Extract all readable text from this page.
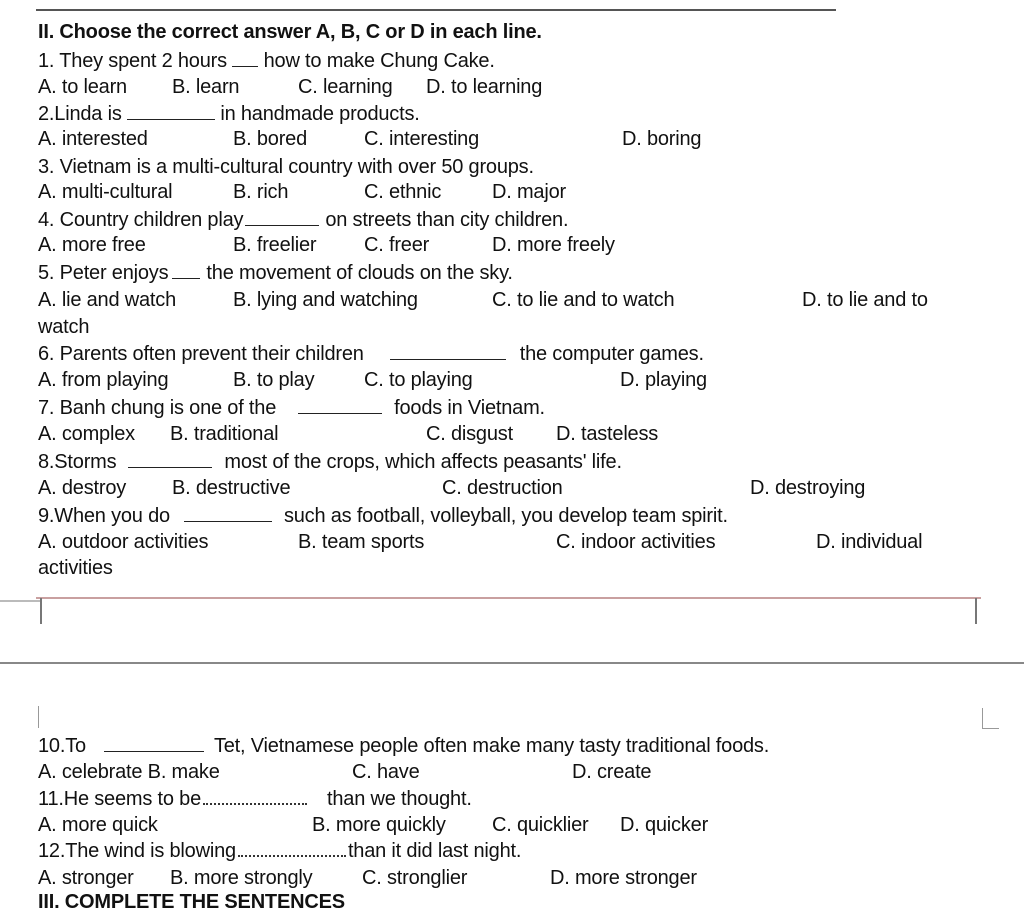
II. Choose the correct answer A, B, C or D in each line.
1. They spent 2 hours how to make Chung Cake.
A. to learn B. learn	C. learning D. to learning
2.Linda is	in handmade products.
A. interested	B. bored	C. interesting	D. boring
3. Vietnam is a multi-cultural country with over 50 groups.
A. multi-cultural	B. rich	C. ethnic	D. major
4. Country children play	on streets than city children.
A. more free	B. freelier C. freer	D. more freely
5. Peter enjoys the movement of clouds on the sky.
A. lie and watch	B. lying and watching	C. to lie and to watch	D. to lie and to
watch
6. Parents often prevent their children	the computer games.
A. from playing	B. to play C. to playing	D. playing
7. Banh chung is one of the	foods in Vietnam.
A. complex B. traditional	C. disgust D. tasteless
8.Storms	most of the crops, which affects peasants' life.
A. destroy B. destructive	C. destruction	D. destroying
9.When you do	such as football, volleyball, you develop team spirit.
A. outdoor activities	B. team sports	C. indoor activities	D. individual
activities
10.To	Tet, Vietnamese people often make many tasty traditional foods.
A. celebrate B. make	C. have	D. create
11.He seems to be	than we thought.
A. more quick	B. more quickly C. quicklier D. quicker
12.The wind is blowing	than it did last night.
A. stronger B. more strongly C. stronglier	D. more stronger
III. COMPLETE THE SENTENCES
